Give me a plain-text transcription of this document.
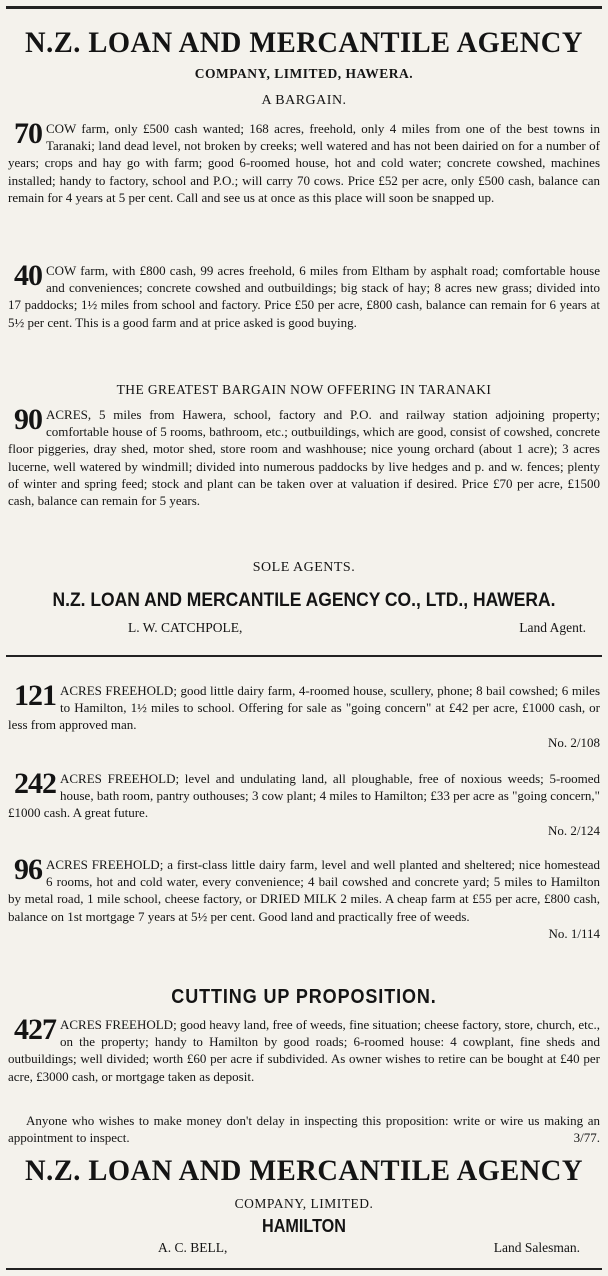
N.Z. LOAN AND MERCANTILE AGENCY
COMPANY, LIMITED, HAWERA.
A BARGAIN.
70 COW farm, only £500 cash wanted; 168 acres, freehold, only 4 miles from one of the best towns in Taranaki; land dead level, not broken by creeks; well watered and has not been dairied on for a number of years; crops and hay go with farm; good 6-roomed house, hot and cold water; concrete cowshed, machines installed; handy to factory, school and P.O.; will carry 70 cows. Price £52 per acre, only £500 cash, balance can remain for 4 years at 5 per cent. Call and see us at once as this place will soon be snapped up.
40 COW farm, with £800 cash, 99 acres freehold, 6 miles from Eltham by asphalt road; comfortable house and conveniences; concrete cowshed and outbuildings; big stack of hay; 8 acres new grass; divided into 17 paddocks; 1½ miles from school and factory. Price £50 per acre, £800 cash, balance can remain for 6 years at 5½ per cent. This is a good farm and at price asked is good buying.
THE GREATEST BARGAIN NOW OFFERING IN TARANAKI
90 ACRES, 5 miles from Hawera, school, factory and P.O. and railway station adjoining property; comfortable house of 5 rooms, bathroom, etc.; outbuildings, which are good, consist of cowshed, concrete floor piggeries, dray shed, motor shed, store room and washhouse; nice young orchard (about 1 acre); 3 acres lucerne, well watered by windmill; divided into numerous paddocks by live hedges and p. and w. fences; plenty of winter and spring feed; stock and plant can be taken over at valuation if desired. Price £70 per acre, £1500 cash, balance can remain for 5 years.
SOLE AGENTS.
N.Z. LOAN AND MERCANTILE AGENCY CO., LTD., HAWERA.
L. W. CATCHPOLE,	Land Agent.
121 ACRES FREEHOLD; good little dairy farm, 4-roomed house, scullery, phone; 8 bail cowshed; 6 miles to Hamilton, 1½ miles to school. Offering for sale as "going concern" at £42 per acre, £1000 cash, or less from approved man.
No. 2/108
242 ACRES FREEHOLD; level and undulating land, all ploughable, free of noxious weeds; 5-roomed house, bath room, pantry outhouses; 3 cow plant; 4 miles to Hamilton; £33 per acre as "going concern," £1000 cash. A great future.
No. 2/124
96 ACRES FREEHOLD; a first-class little dairy farm, level and well planted and sheltered; nice homestead 6 rooms, hot and cold water, every convenience; 4 bail cowshed and concrete yard; 5 miles to Hamilton by metal road, 1 mile school, cheese factory, or DRIED MILK 2 miles. A cheap farm at £55 per acre, £800 cash, balance on 1st mortgage 7 years at 5½ per cent. Good land and practically free of weeds.
No. 1/114
CUTTING UP PROPOSITION.
427 ACRES FREEHOLD; good heavy land, free of weeds, fine situation; cheese factory, store, church, etc., on the property; handy to Hamilton by good roads; 6-roomed house: 4 cowplant, fine sheds and outbuildings; well divided; worth £60 per acre if subdivided. As owner wishes to retire can be bought at £40 per acre, £3000 cash, or mortgage taken as deposit.
Anyone who wishes to make money don't delay in inspecting this proposition: write or wire us making an appointment to inspect.	3/77.
N.Z. LOAN AND MERCANTILE AGENCY
COMPANY, LIMITED.
HAMILTON
A. C. BELL,	Land Salesman.
